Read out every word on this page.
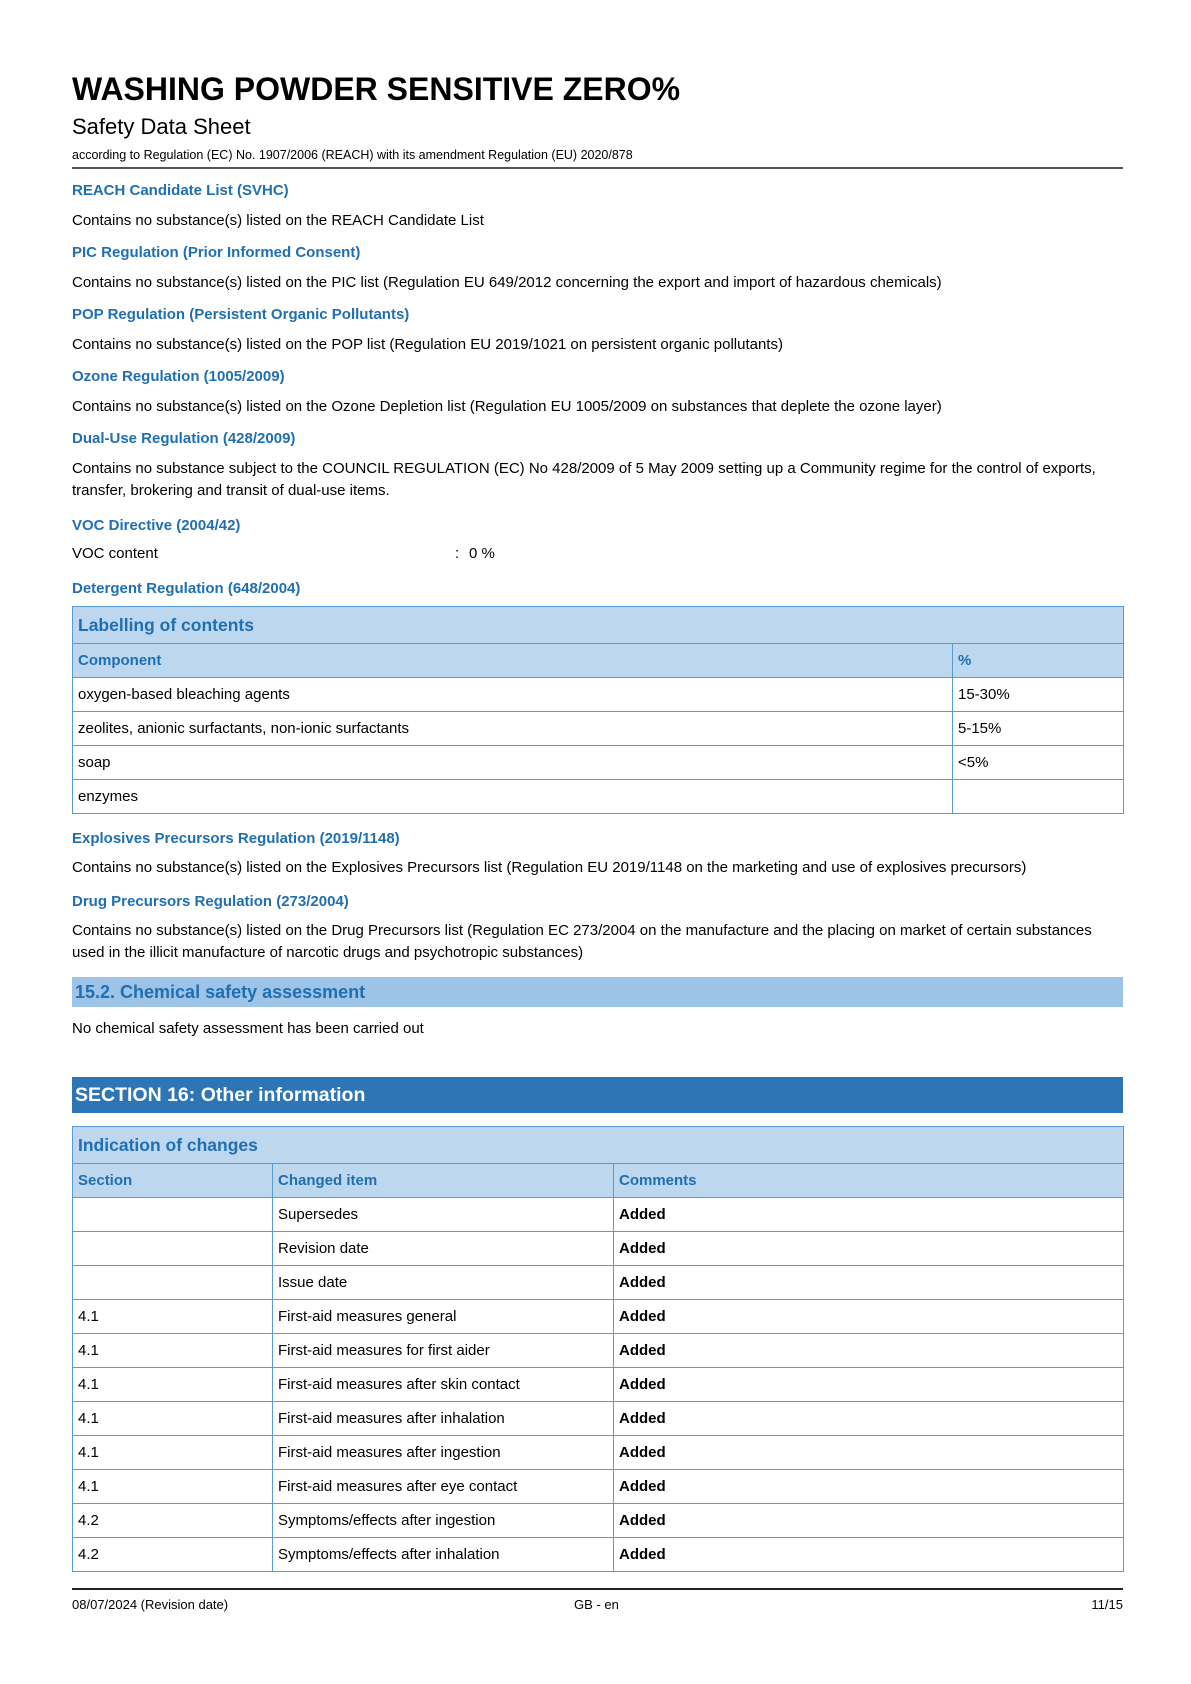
WASHING POWDER SENSITIVE ZERO%
Safety Data Sheet
according to Regulation (EC) No. 1907/2006 (REACH) with its amendment Regulation (EU) 2020/878
REACH Candidate List (SVHC)
Contains no substance(s) listed on the REACH Candidate List
PIC Regulation (Prior Informed Consent)
Contains no substance(s) listed on the PIC list (Regulation EU 649/2012 concerning the export and import of hazardous chemicals)
POP Regulation (Persistent Organic Pollutants)
Contains no substance(s) listed on the POP list (Regulation EU 2019/1021 on persistent organic pollutants)
Ozone Regulation (1005/2009)
Contains no substance(s) listed on the Ozone Depletion list (Regulation EU 1005/2009 on substances that deplete the ozone layer)
Dual-Use Regulation (428/2009)
Contains no substance subject to the COUNCIL REGULATION (EC) No 428/2009 of 5 May 2009 setting up a Community regime for the control of exports, transfer, brokering and transit of dual-use items.
VOC Directive (2004/42)
VOC content	: 0 %
Detergent Regulation (648/2004)
Labelling of contents	
Component	%
oxygen-based bleaching agents	15-30%
zeolites, anionic surfactants, non-ionic surfactants	5-15%
soap	<5%
enzymes	
Explosives Precursors Regulation (2019/1148)
Contains no substance(s) listed on the Explosives Precursors list (Regulation EU 2019/1148 on the marketing and use of explosives precursors)
Drug Precursors Regulation (273/2004)
Contains no substance(s) listed on the Drug Precursors list (Regulation EC 273/2004 on the manufacture and the placing on market of certain substances used in the illicit manufacture of narcotic drugs and psychotropic substances)
15.2. Chemical safety assessment
No chemical safety assessment has been carried out
SECTION 16: Other information
Indication of changes		
Section	Changed item	Comments
	Supersedes	Added
	Revision date	Added
	Issue date	Added
4.1	First-aid measures general	Added
4.1	First-aid measures for first aider	Added
4.1	First-aid measures after skin contact	Added
4.1	First-aid measures after inhalation	Added
4.1	First-aid measures after ingestion	Added
4.1	First-aid measures after eye contact	Added
4.2	Symptoms/effects after ingestion	Added
4.2	Symptoms/effects after inhalation	Added
08/07/2024 (Revision date)	GB - en	11/15
